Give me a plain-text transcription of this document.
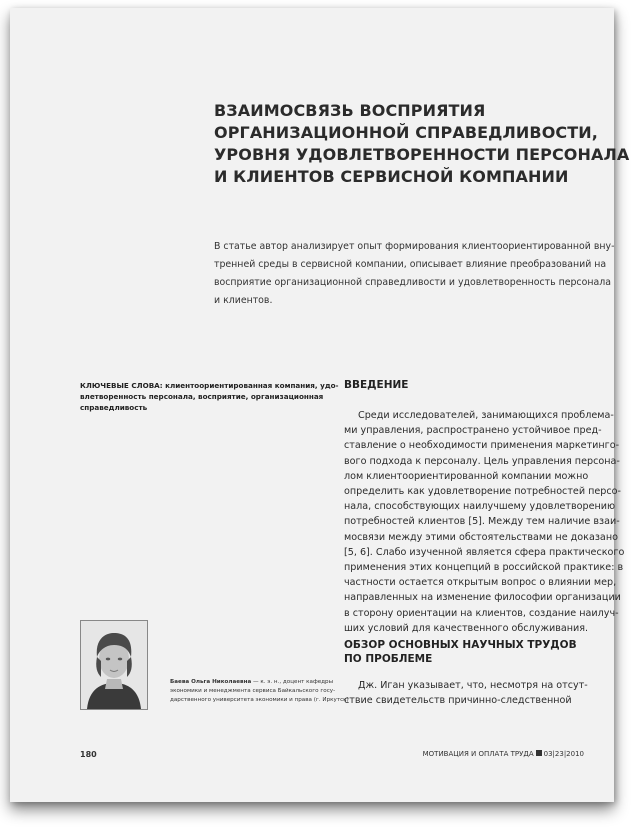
ВЗАИМОСВЯЗЬ ВОСПРИЯТИЯ
ОРГАНИЗАЦИОННОЙ СПРАВЕДЛИВОСТИ,
УРОВНЯ УДОВЛЕТВОРЕННОСТИ ПЕРСОНАЛА
И КЛИЕНТОВ СЕРВИСНОЙ КОМПАНИИ
В статье автор анализирует опыт формирования клиентоориентированной вну-
тренней среды в сервисной компании, описывает влияние преобразований на
восприятие организационной справедливости и удовлетворенность персонала
и клиентов.
КЛЮЧЕВЫЕ СЛОВА: клиентоориентированная компания, удо-
влетворенность персонала, восприятие, организационная
справедливость
ВВЕДЕНИЕ
Среди исследователей, занимающихся проблема-
ми управления, распространено устойчивое пред-
ставление о необходимости применения маркетинго-
вого подхода к персоналу. Цель управления персона-
лом клиентоориентированной компании можно
определить как удовлетворение потребностей персо-
нала, способствующих наилучшему удовлетворению
потребностей клиентов [5]. Между тем наличие взаи-
мосвязи между этими обстоятельствами не доказано
[5, 6]. Слабо изученной является сфера практического
применения этих концепций в российской практике: в
частности остается открытым вопрос о влиянии мер,
направленных на изменение философии организации
в сторону ориентации на клиентов, создание наилуч-
ших условий для качественного обслуживания.
ОБЗОР ОСНОВНЫХ НАУЧНЫХ ТРУДОВ
ПО ПРОБЛЕМЕ
Дж. Иган указывает, что, несмотря на отсут-
ствие свидетельств причинно-следственной
Баева Ольга Николаевна — к. э. н., доцент кафедры
экономики и менеджмента сервиса Байкальского госу-
дарственного университета экономики и права (г. Иркутск)
180	МОТИВАЦИЯ И ОПЛАТА ТРУДА 03|23|2010
